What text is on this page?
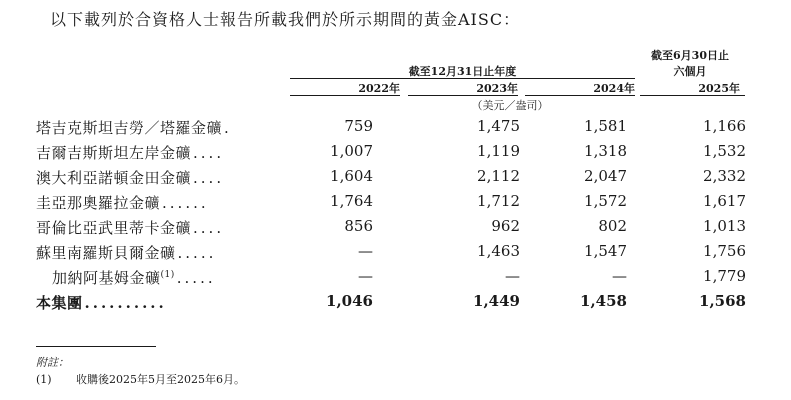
以下載列於合資格人士報告所載我們於所示期間的黃金AISC：
截至6月30日止
六個月
截至12月31日止年度
2022年	2023年	2024年	2025年
（美元／盎司）
塔吉克斯坦吉勞／塔羅金礦 .	759	1,475	1,581	1,166
吉爾吉斯斯坦左岸金礦 ....	1,007	1,119	1,318	1,532
澳大利亞諾頓金田金礦 ....	1,604	2,112	2,047	2,332
圭亞那奧羅拉金礦 ......	1,764	1,712	1,572	1,617
哥倫比亞武里蒂卡金礦 ....	856	962	802	1,013
蘇里南羅斯貝爾金礦 .....	—	1,463	1,547	1,756
加納阿基姆金礦$^{(1)}$ .....	—	—	—	1,779
本集團 ..........	1,046	1,449	1,458	1,568
附註：
(1) 收購後2025年5月至2025年6月。
